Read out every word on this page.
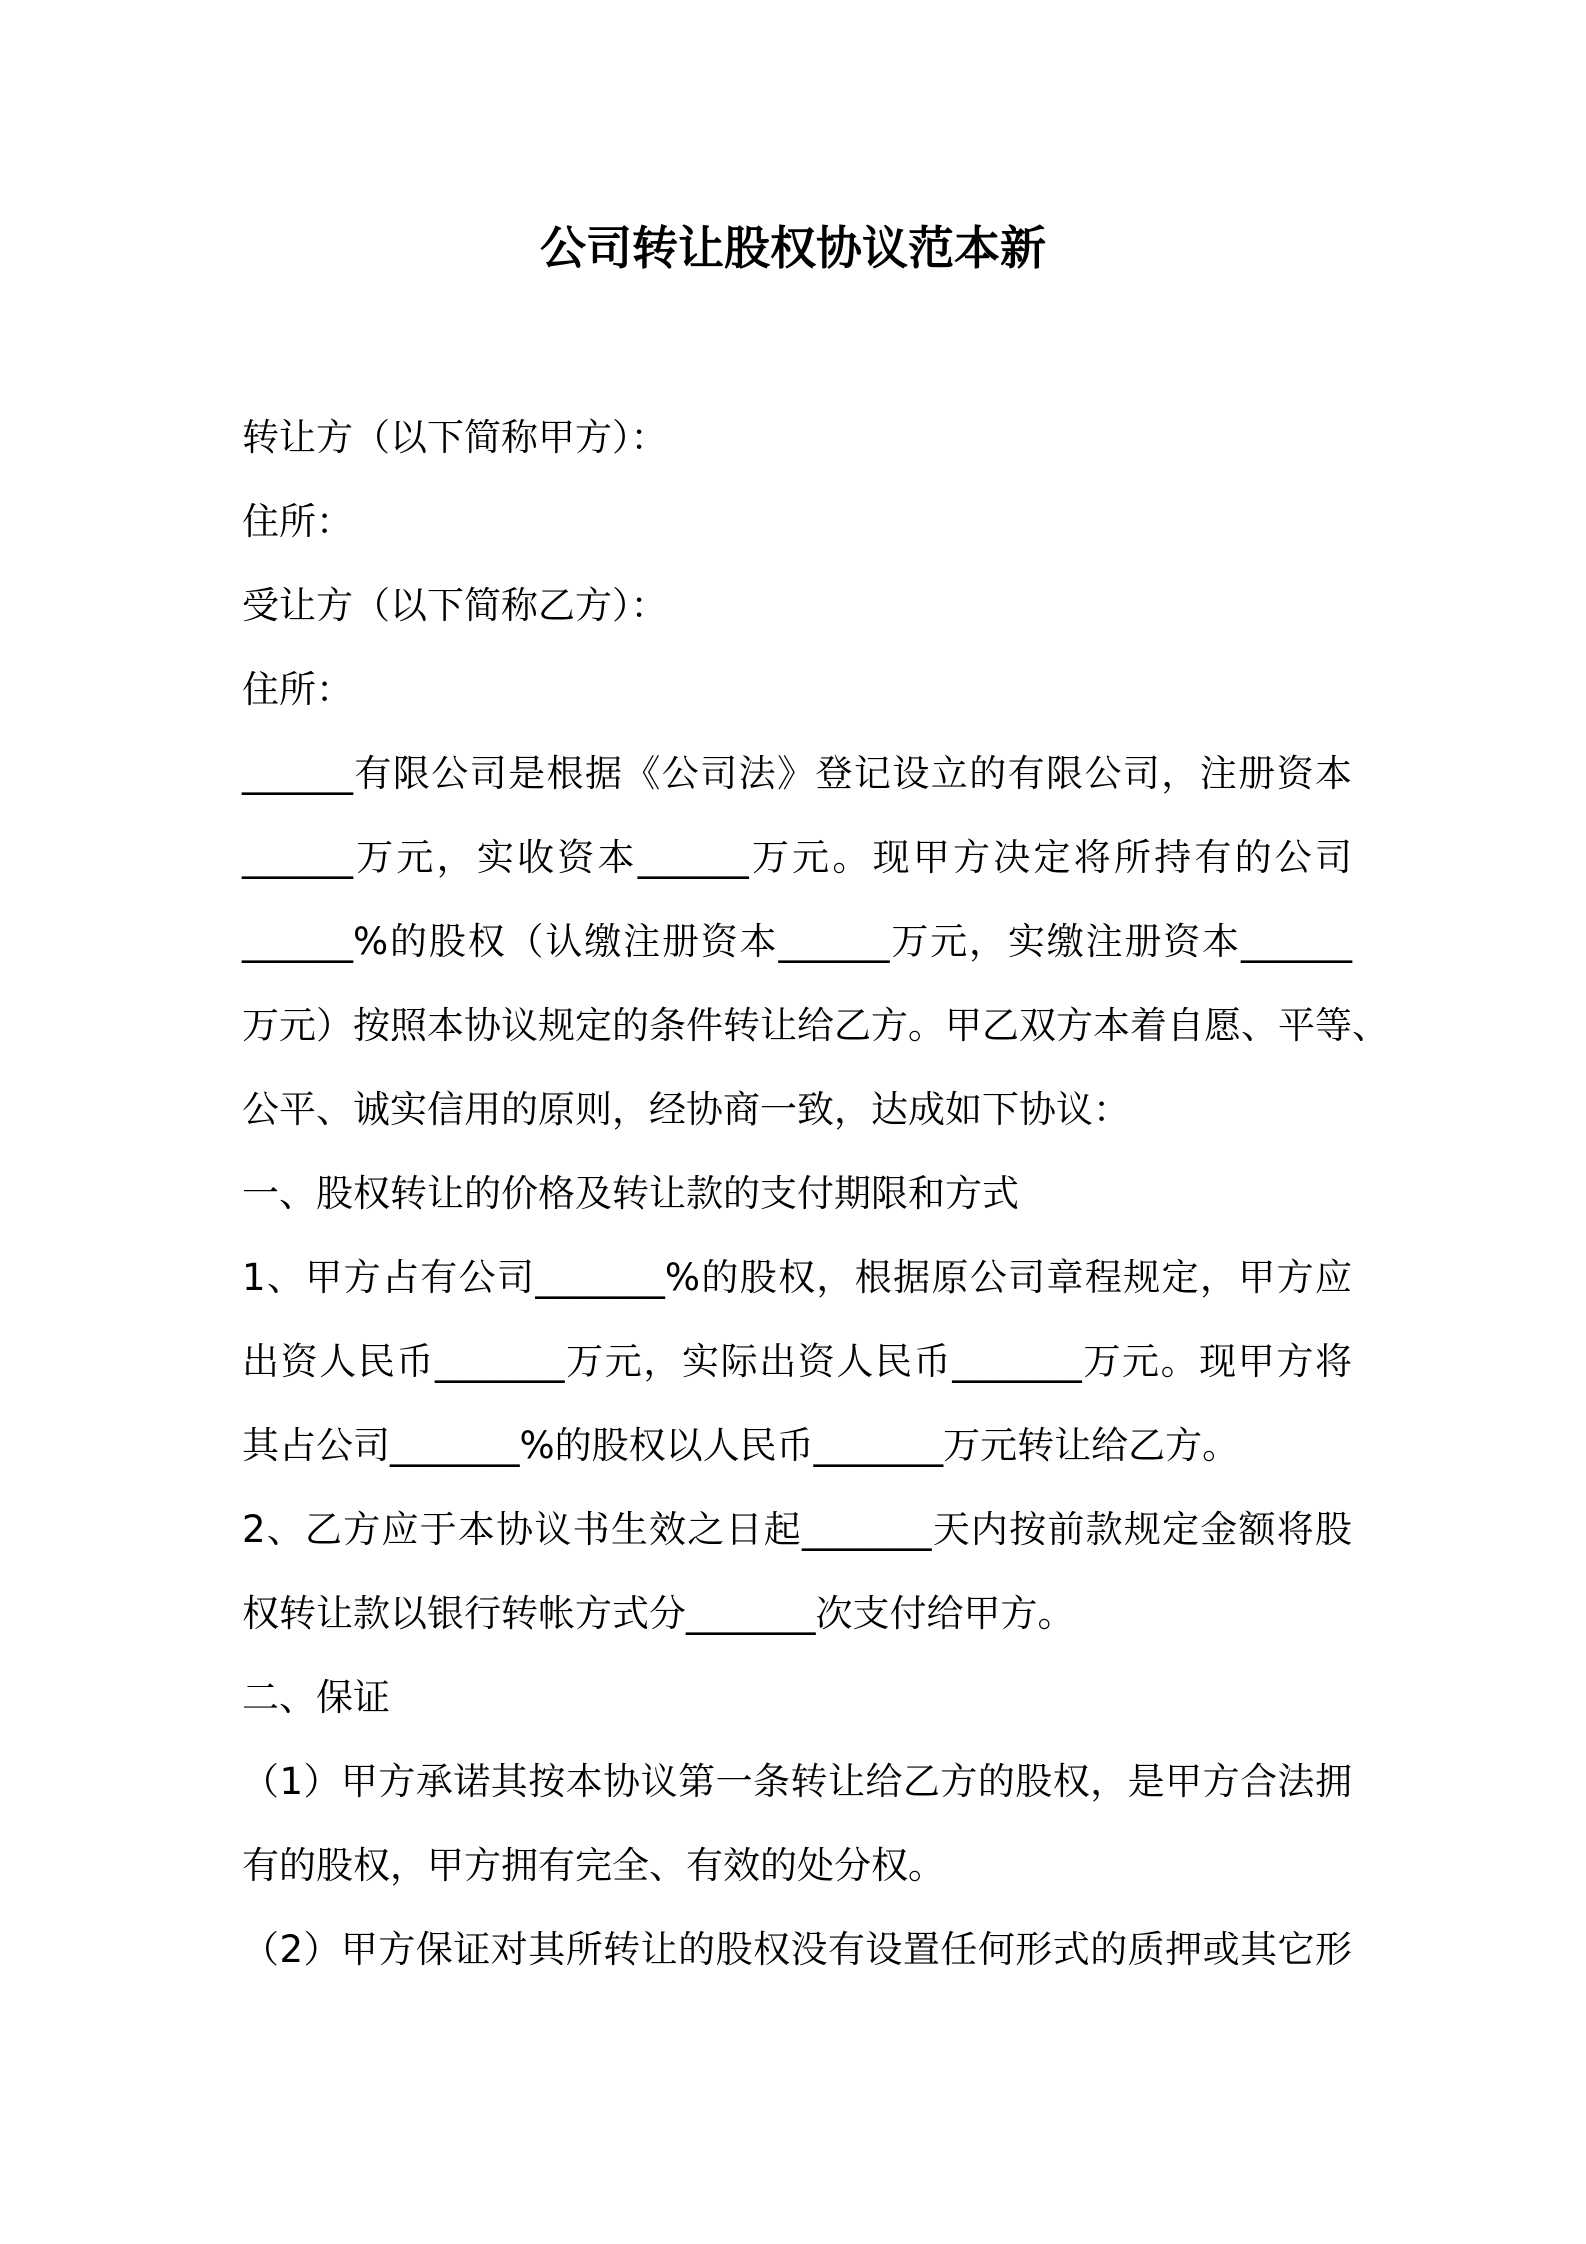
公司转让股权协议范本新
转让方（以下简称甲方）：
住所：
受让方（以下简称乙方）：
住所：
______有限公司是根据《公司法》登记设立的有限公司，注册资本
______万元，实收资本______万元。现甲方决定将所持有的公司
______%的股权（认缴注册资本______万元，实缴注册资本______
万元）按照本协议规定的条件转让给乙方。甲乙双方本着自愿、平等、
公平、诚实信用的原则，经协商一致，达成如下协议：
一、股权转让的价格及转让款的支付期限和方式
1、甲方占有公司_______%的股权，根据原公司章程规定，甲方应
出资人民币_______万元，实际出资人民币_______万元。现甲方将
其占公司_______%的股权以人民币_______万元转让给乙方。
2、乙方应于本协议书生效之日起_______天内按前款规定金额将股
权转让款以银行转帐方式分_______次支付给甲方。
二、保证
（1）甲方承诺其按本协议第一条转让给乙方的股权，是甲方合法拥
有的股权，甲方拥有完全、有效的处分权。
（2）甲方保证对其所转让的股权没有设置任何形式的质押或其它形
